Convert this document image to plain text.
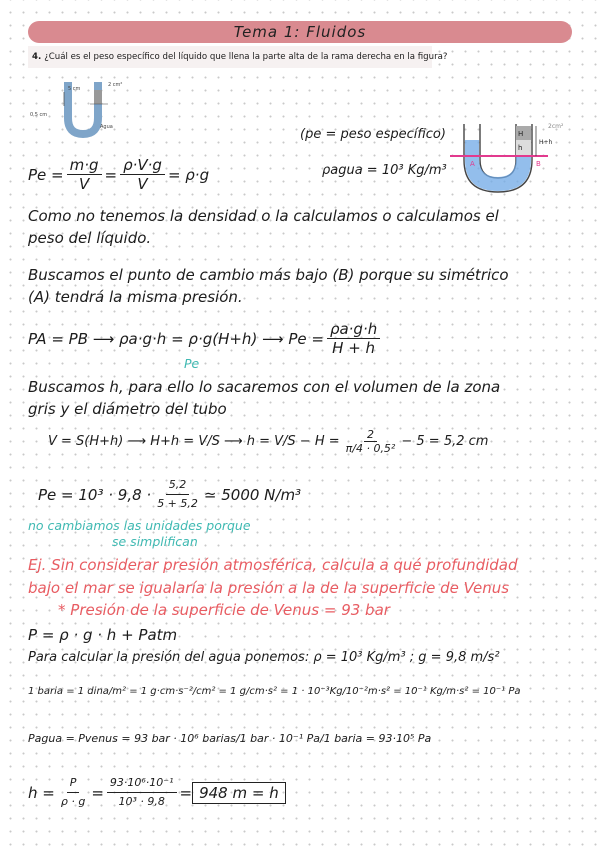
Tema 1: Fluidos
4. ¿Cuál es el peso específico del líquido que llena la parte alta de la rama derecha en la figura?
5 cm
2 cm²
0,5 cm
Agua
H
h
H+h
A	B
2cm²
(pe = peso específico)
ρagua = 10³ Kg/m³
$Pe = \frac{m\cdot g}{V} = \frac{\rho\cdot V\cdot g}{V} = \rho\cdot g$
Como no tenemos la densidad o la calculamos o calculamos el
peso del líquido.
Buscamos el punto de cambio más bajo (B) porque su simétrico
(A) tendrá la misma presión.
PA = PB ⟶ ρa·g·h = ρ·g(H+h) ⟶ $Pe = \frac{\rho a\cdot g\cdot h}{H + h}$
Pe
Buscamos h, para ello lo sacaremos con el volumen de la zona
gris y el diámetro del tubo
V = S(H+h) ⟶ H+h = V/S ⟶ $h = V/S - H = \frac{2}{\text{π/4 · 0,5²}} - 5 = 5,2$ cm
$Pe = 10^3 \cdot 9,8 \cdot \frac{5,2}{5 + 5,2}$ ≃ 5000 N/m³
no cambiamos las unidades porque
se simplifican
Ej. Sin considerar presión atmosférica, calcula a qué profundidad
bajo el mar se igualaría la presión a la de la superficie de Venus
* Presión de la superficie de Venus = 93 bar
P = ρ · g · h + Patm
Para calcular la presión del agua ponemos: ρ = 10³ Kg/m³ ; g = 9,8 m/s²
1 baria = 1 dina/m² = 1 g·cm·s⁻²/cm² = 1 g/cm·s² = 1 · 10⁻³Kg/10⁻²m·s² = 10⁻¹ Kg/m·s² = 10⁻¹ Pa
Pagua = Pvenus = 93 bar · 10⁶ barias/1 bar · 10⁻¹ Pa/1 baria = 93·10⁵ Pa
$h = \frac{P}{\rho \cdot g} = \frac{\text{93·10⁶·10⁻¹}}{\text{10³ · 9,8}} = 948$ m = h
